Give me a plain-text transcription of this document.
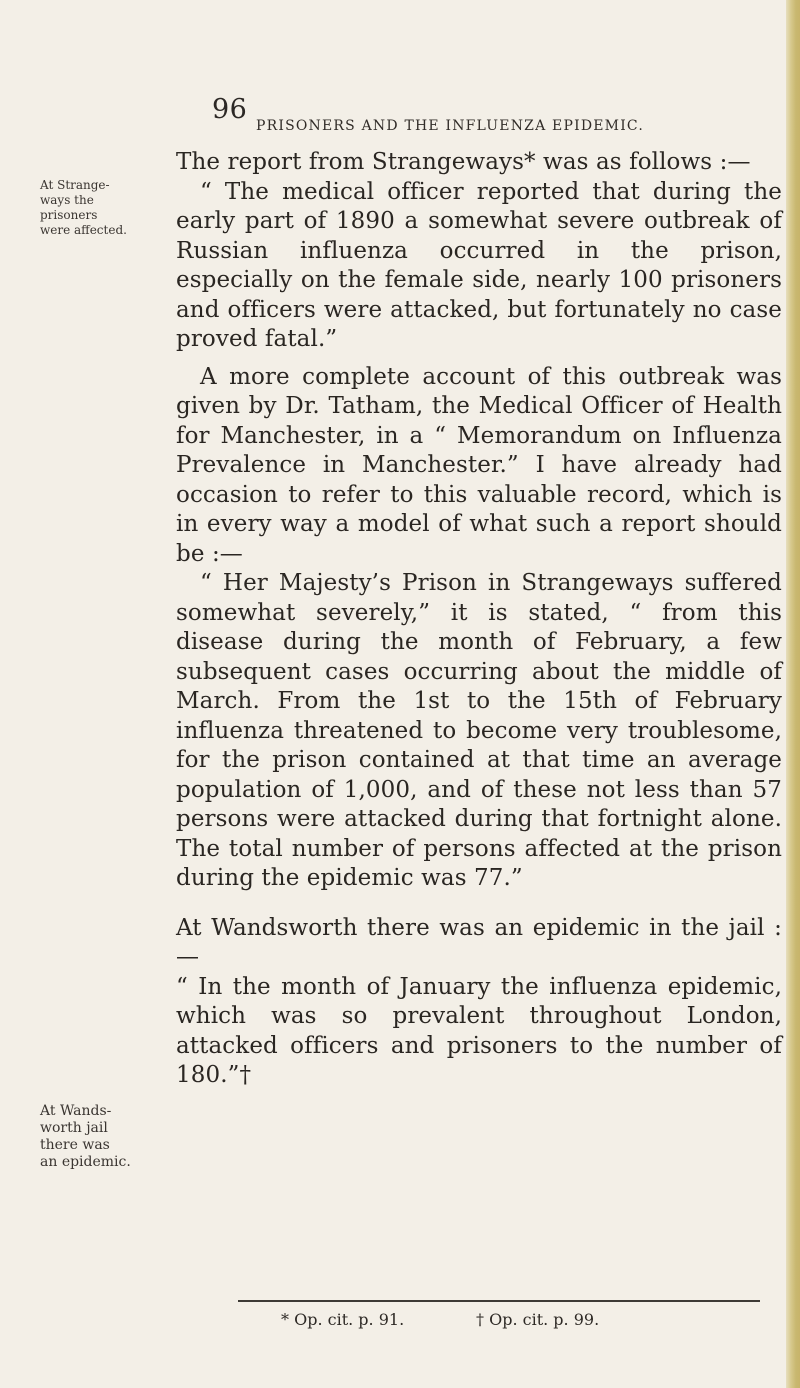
96
PRISONERS AND THE INFLUENZA EPIDEMIC.
At Strange-
ways the
prisoners
were affected.
At Wands-
worth jail
there was
an epidemic.

The report from Strangeways* was as follows :—

“ The medical officer reported that during the early part of 1890 a somewhat severe outbreak of Russian influenza occurred in the prison, especially on the female side, nearly 100 prisoners and officers were attacked, but fortunately no case proved fatal.”

A more complete account of this outbreak was given by Dr. Tatham, the Medical Officer of Health for Manchester, in a “ Memorandum on Influenza Prevalence in Manchester.” I have already had occasion to refer to this valuable record, which is in every way a model of what such a report should be :—

“ Her Majesty’s Prison in Strangeways suffered somewhat severely,” it is stated, “ from this disease during the month of February, a few subsequent cases occurring about the middle of March. From the 1st to the 15th of February influenza threatened to become very troublesome, for the prison contained at that time an average population of 1,000, and of these not less than 57 persons were attacked during that fortnight alone. The total number of persons affected at the prison during the epidemic was 77.”

At Wandsworth there was an epidemic in the jail :—

“ In the month of January the influenza epidemic, which was so prevalent throughout London, attacked officers and prisoners to the number of 180.”†

* Op. cit. p. 91.	† Op. cit. p. 99.
